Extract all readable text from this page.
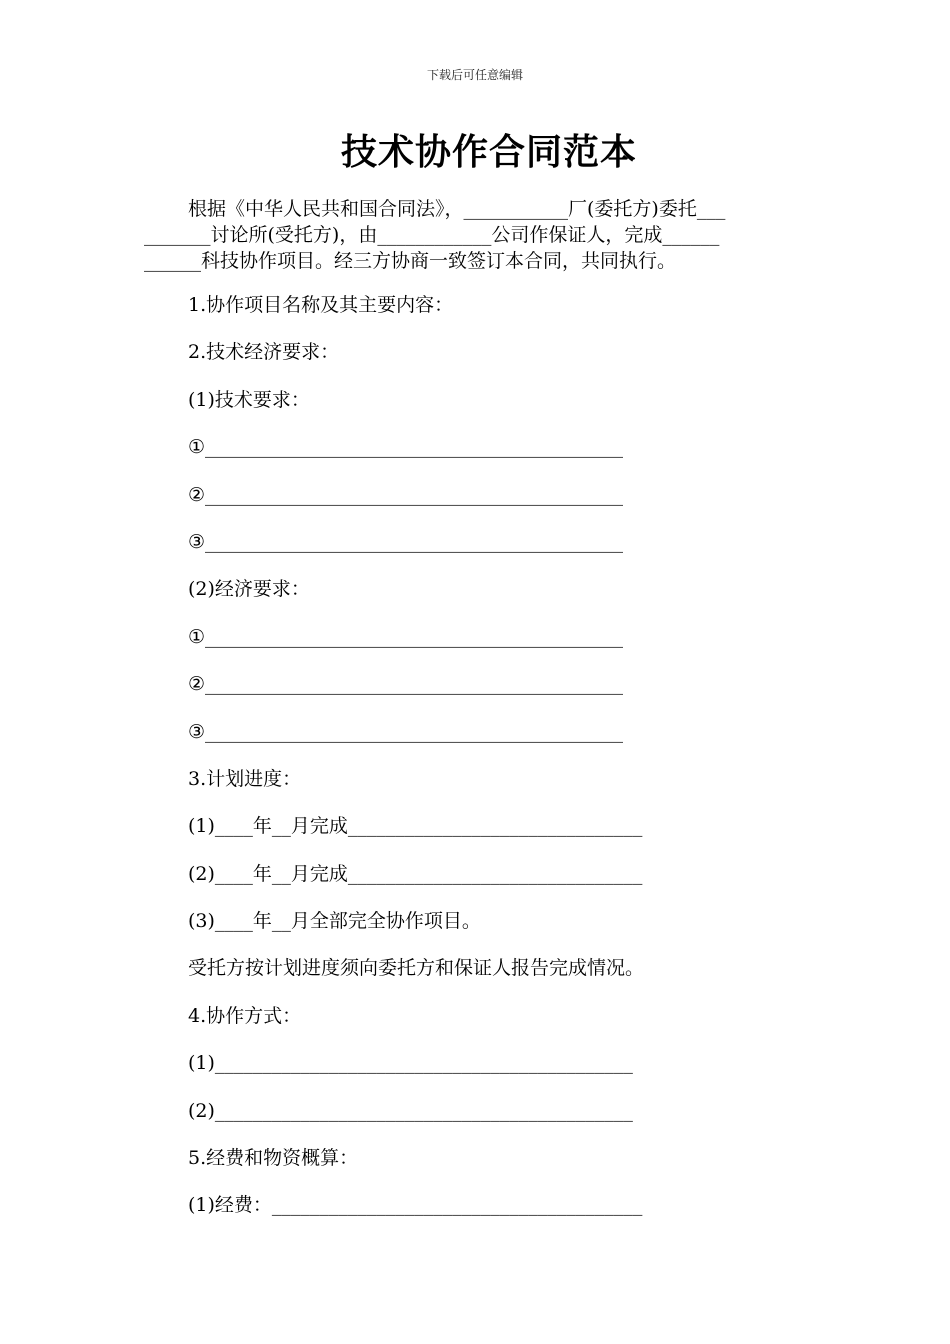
下载后可任意编辑
技术协作合同范本
根据《中华人民共和国合同法》，___________厂(委托方)委托___
_______讨论所(受托方)，由____________公司作保证人，完成______
______科技协作项目。经三方协商一致签订本合同，共同执行。
1.协作项目名称及其主要内容：
2.技术经济要求：
(1)技术要求：
①____________________________________________
②____________________________________________
③____________________________________________
(2)经济要求：
①____________________________________________
②____________________________________________
③____________________________________________
3.计划进度：
(1)____年__月完成_______________________________
(2)____年__月完成_______________________________
(3)____年__月全部完全协作项目。
受托方按计划进度须向委托方和保证人报告完成情况。
4.协作方式：
(1)____________________________________________
(2)____________________________________________
5.经费和物资概算：
(1)经费：_______________________________________
